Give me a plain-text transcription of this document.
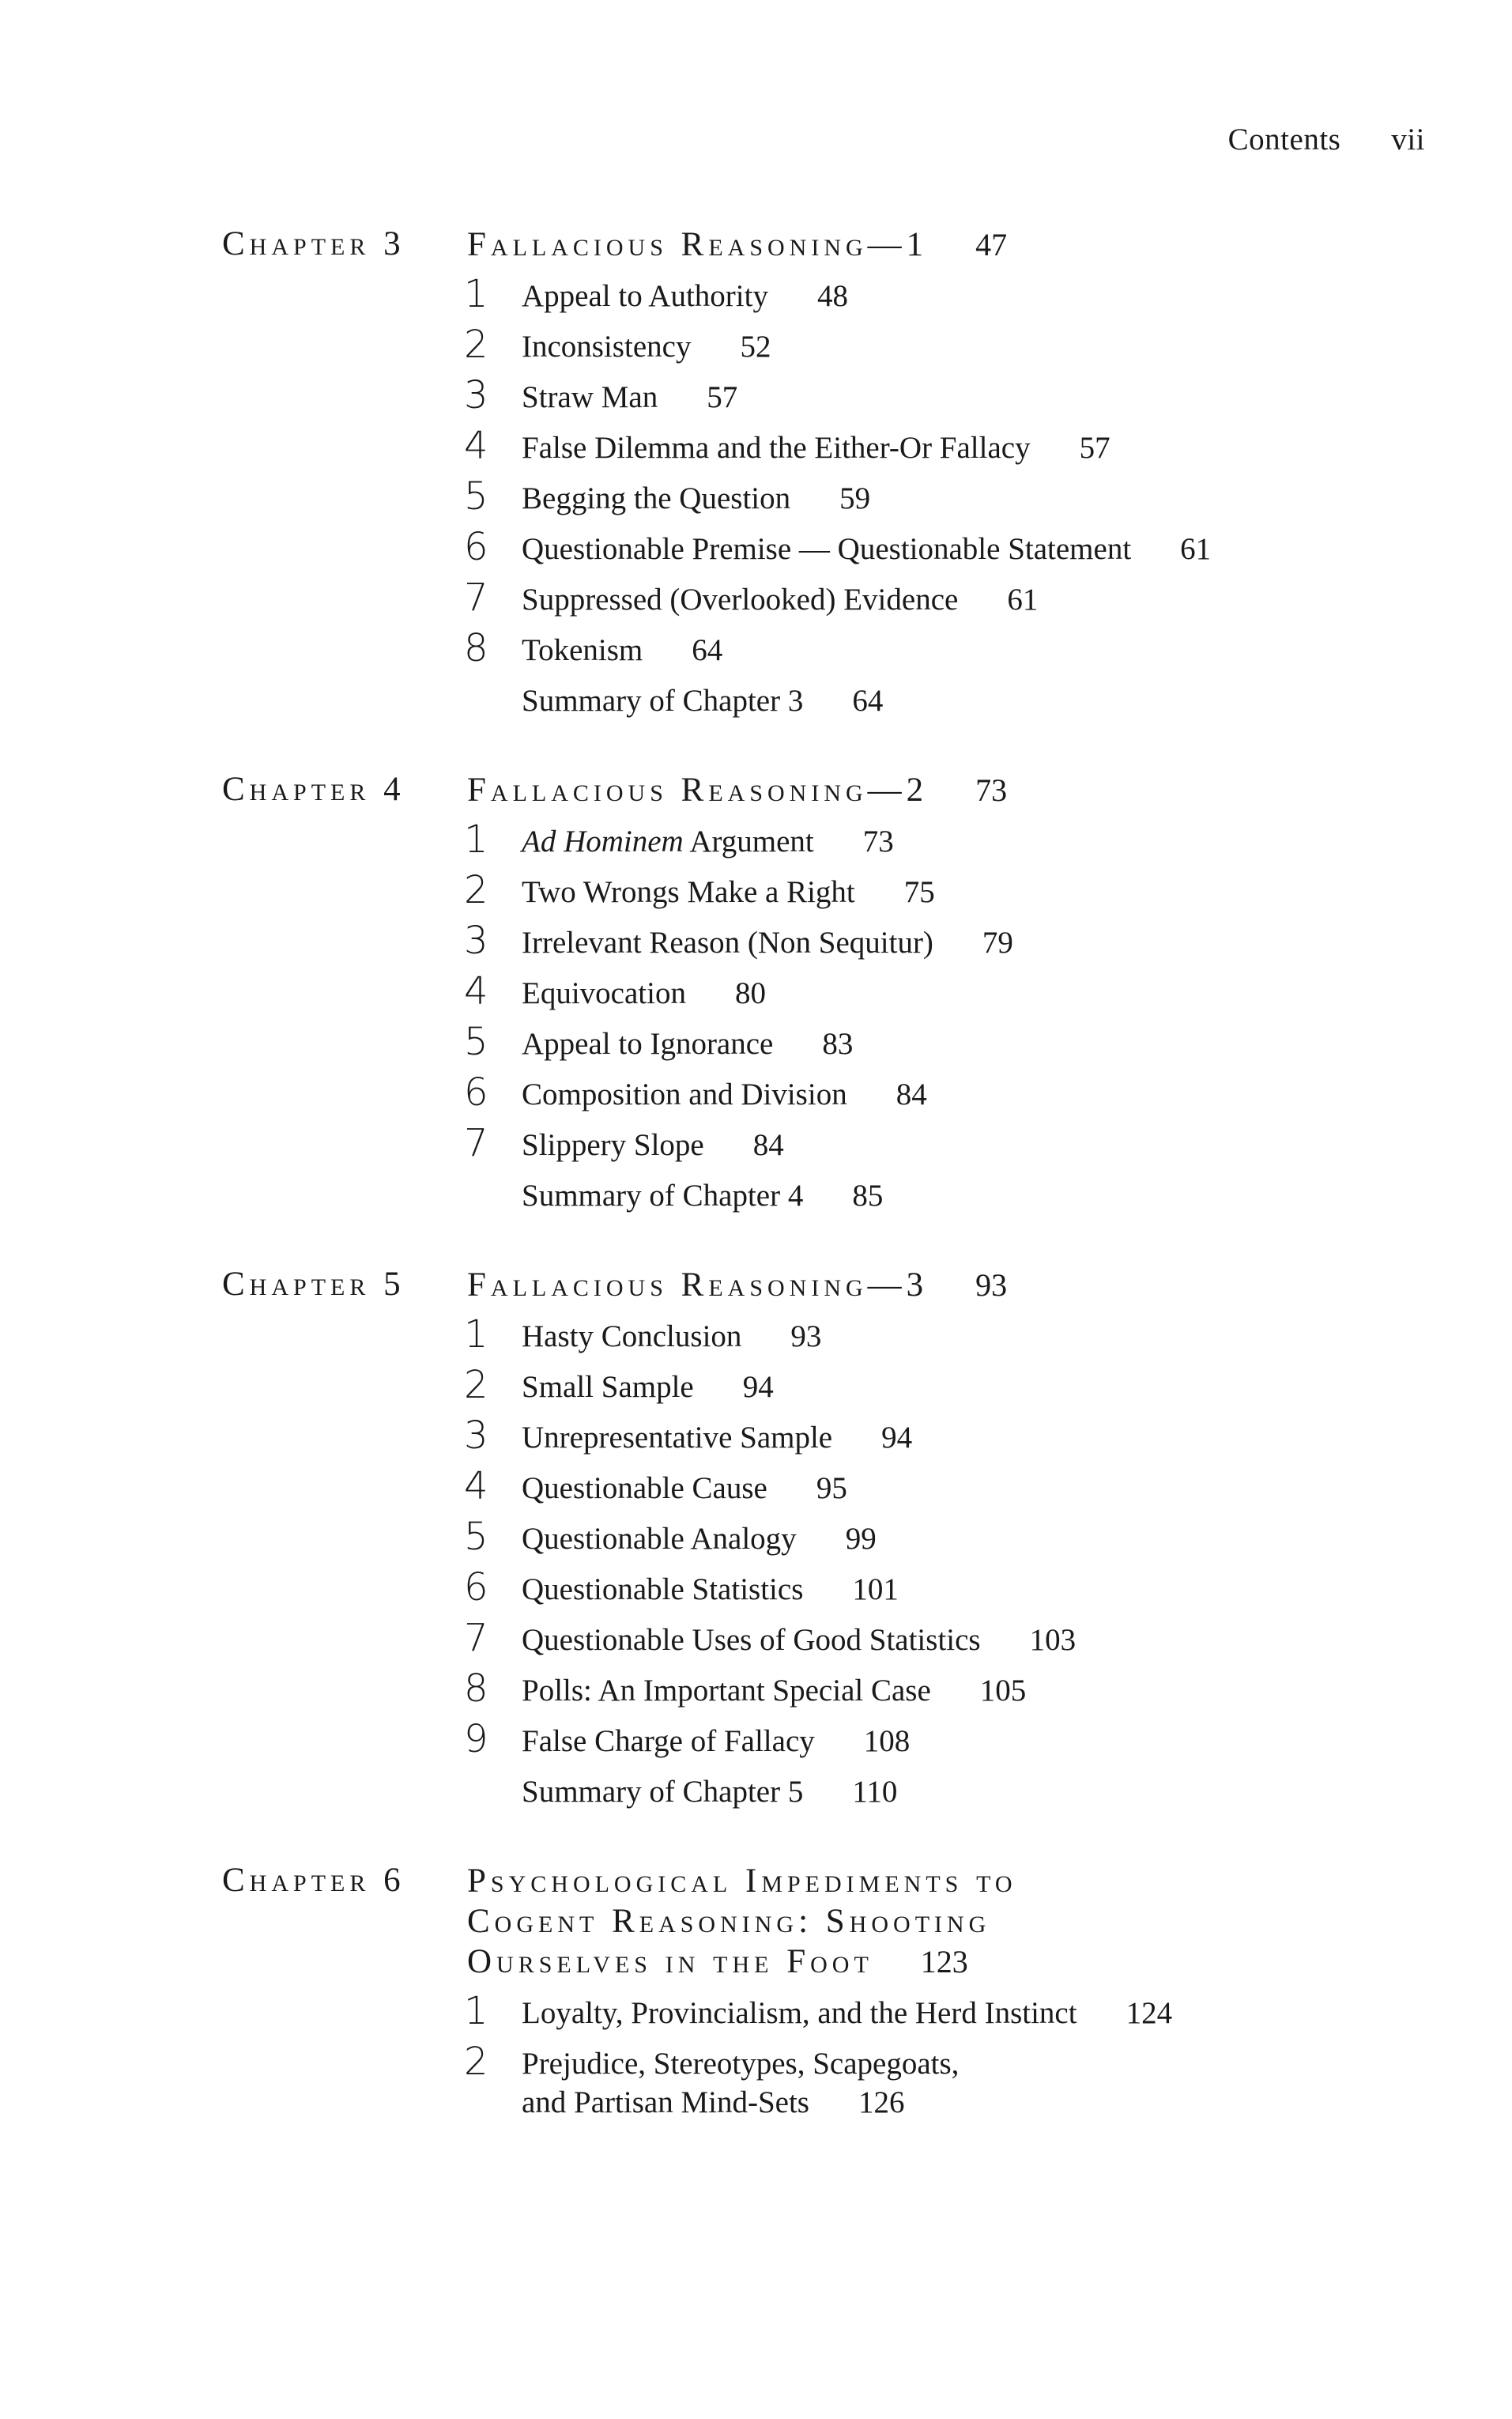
Contents vii
Chapter 3 Fallacious Reasoning—1 47
1 Appeal to Authority 48
2 Inconsistency 52
3 Straw Man 57
4 False Dilemma and the Either-Or Fallacy 57
5 Begging the Question 59
6 Questionable Premise — Questionable Statement 61
7 Suppressed (Overlooked) Evidence 61
8 Tokenism 64
Summary of Chapter 3 64
Chapter 4 Fallacious Reasoning—2 73
1 Ad Hominem Argument 73
2 Two Wrongs Make a Right 75
3 Irrelevant Reason (Non Sequitur) 79
4 Equivocation 80
5 Appeal to Ignorance 83
6 Composition and Division 84
7 Slippery Slope 84
Summary of Chapter 4 85
Chapter 5 Fallacious Reasoning—3 93
1 Hasty Conclusion 93
2 Small Sample 94
3 Unrepresentative Sample 94
4 Questionable Cause 95
5 Questionable Analogy 99
6 Questionable Statistics 101
7 Questionable Uses of Good Statistics 103
8 Polls: An Important Special Case 105
9 False Charge of Fallacy 108
Summary of Chapter 5 110
Chapter 6 Psychological Impediments to
Cogent Reasoning: Shooting
Ourselves in the Foot 123
1 Loyalty, Provincialism, and the Herd Instinct 124
2 Prejudice, Stereotypes, Scapegoats,
and Partisan Mind-Sets 126
